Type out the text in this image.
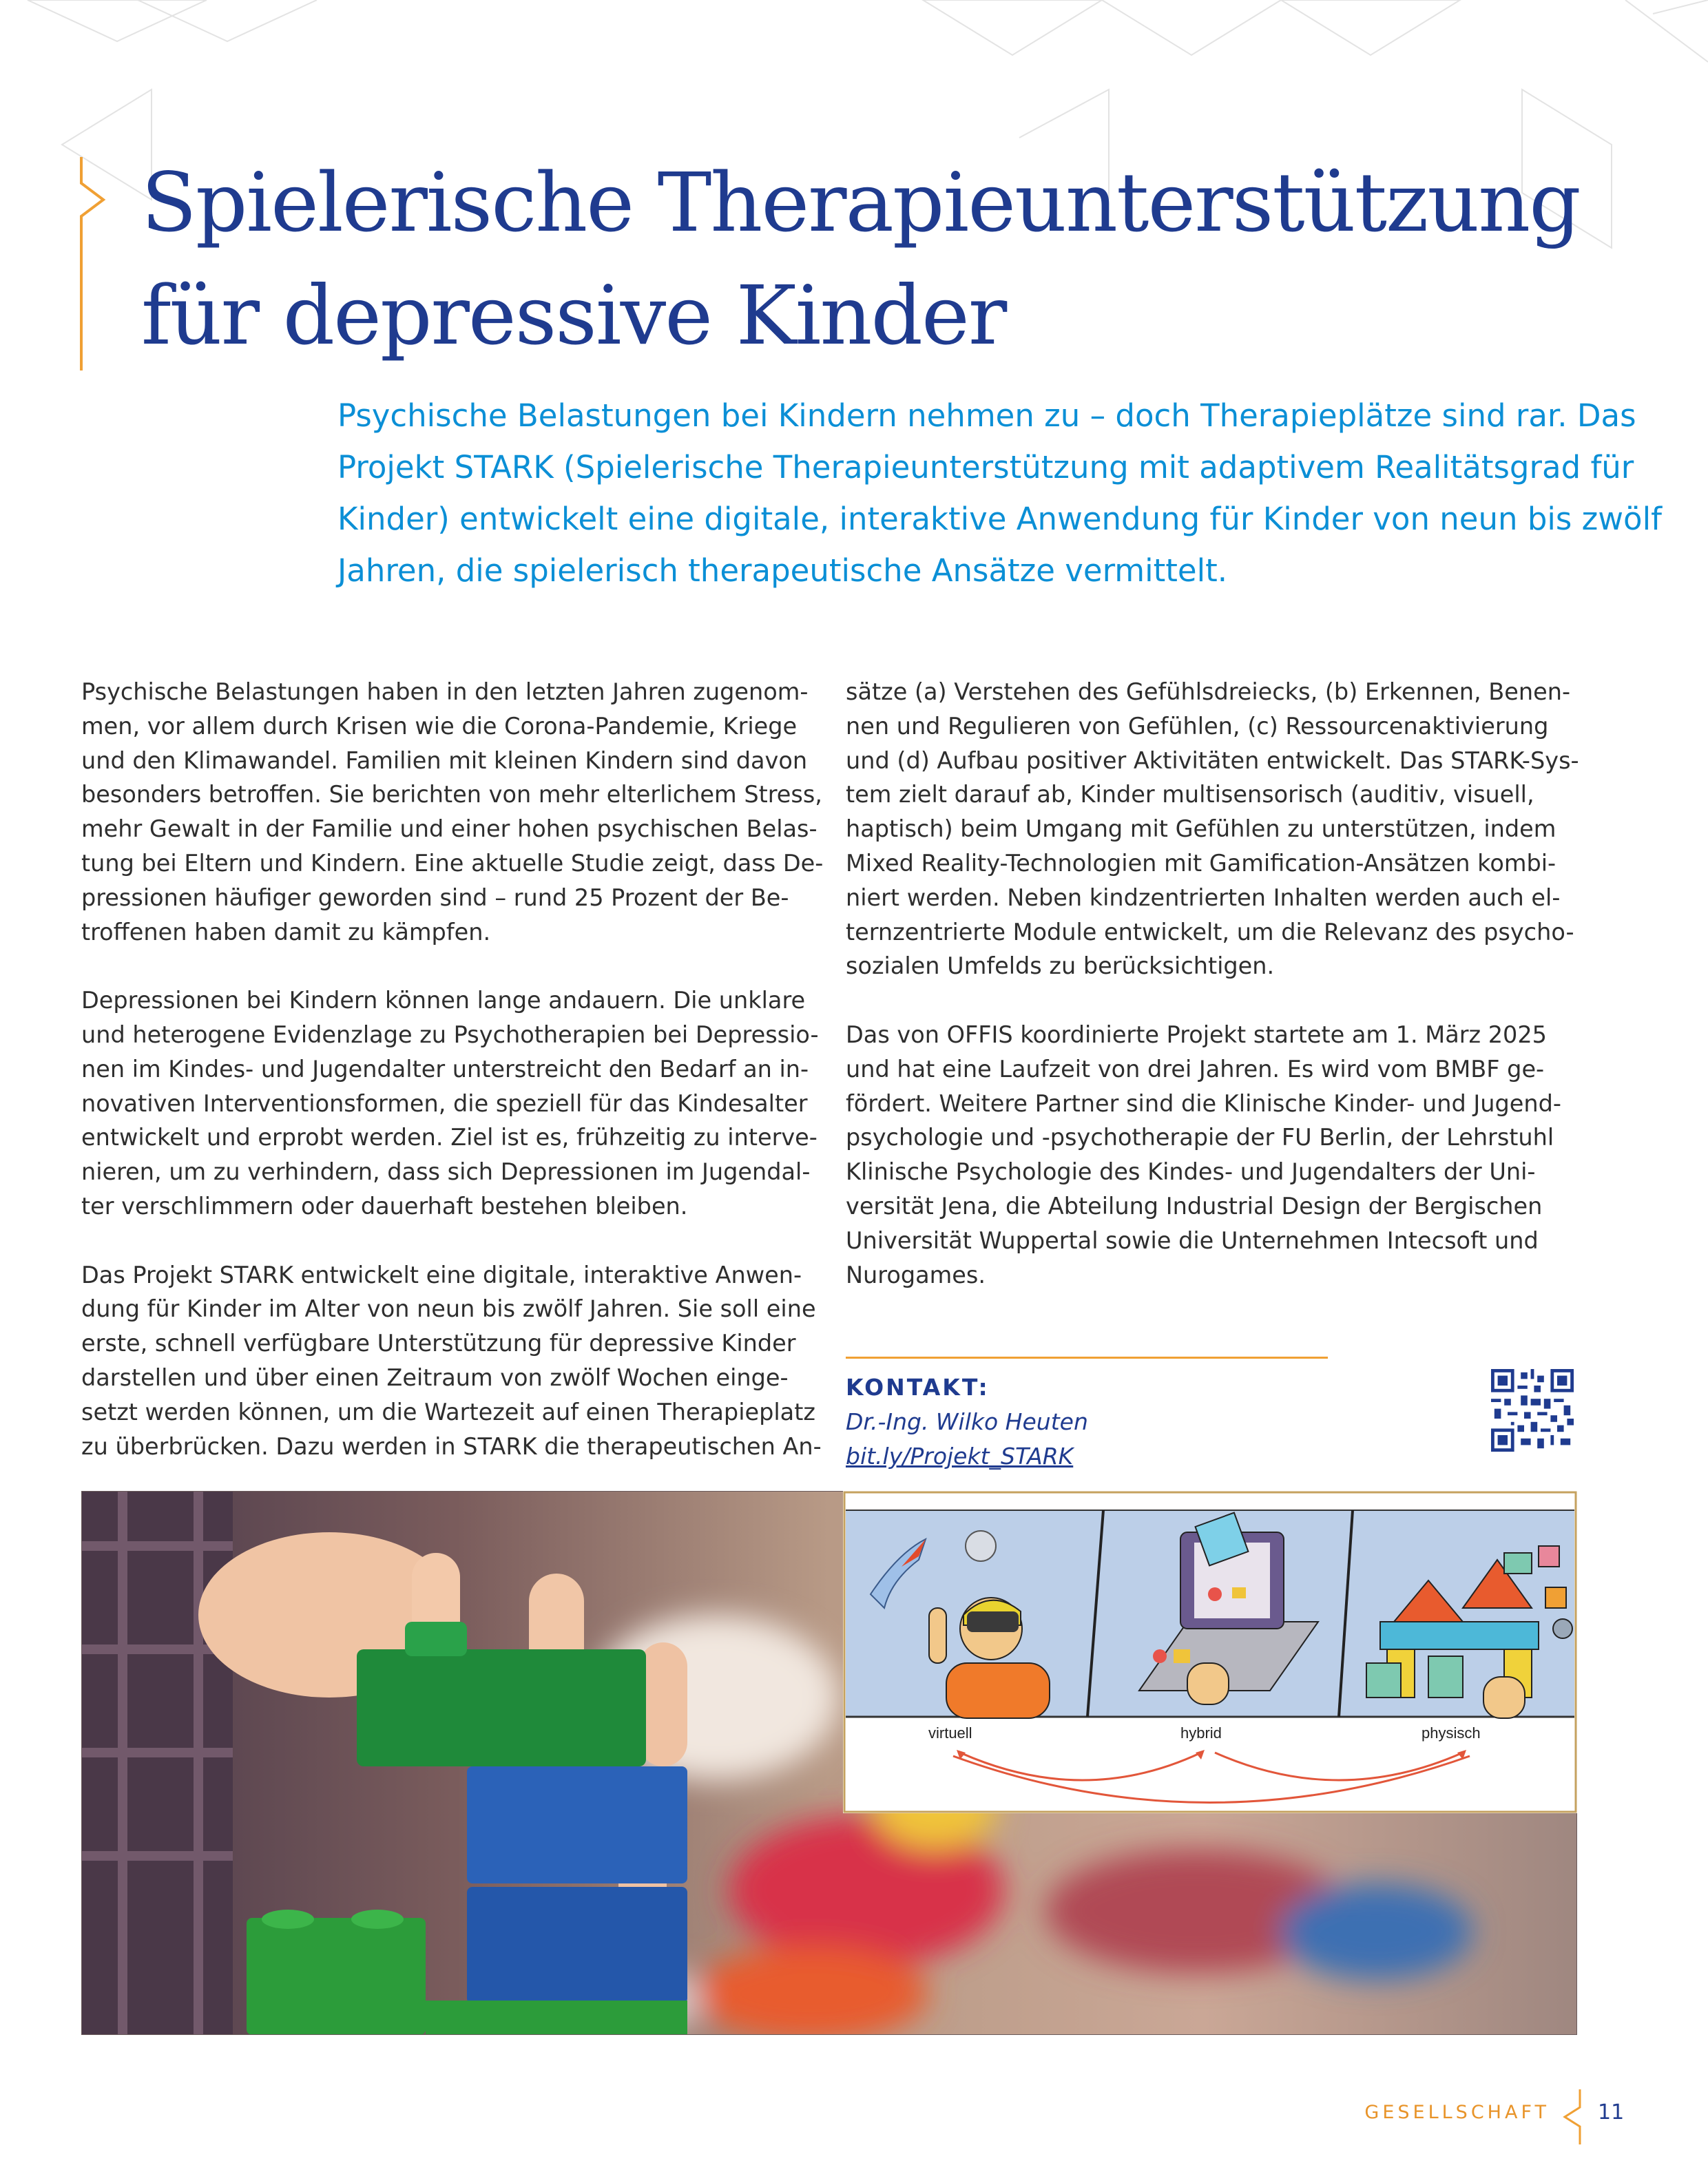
Spielerische Therapieunterstützung
für depressive Kinder
Psychische Belastungen bei Kindern nehmen zu – doch Therapieplätze sind rar. Das
Projekt STARK (Spielerische Therapieunterstützung mit adaptivem Realitätsgrad für
Kinder) entwickelt eine digitale, interaktive Anwendung für Kinder von neun bis zwölf
Jahren, die spielerisch therapeutische Ansätze vermittelt.

Psychische Belastungen haben in den letzten Jahren zugenom-
men, vor allem durch Krisen wie die Corona-Pandemie, Kriege
und den Klimawandel. Familien mit kleinen Kindern sind davon
besonders betroffen. Sie berichten von mehr elterlichem Stress,
mehr Gewalt in der Familie und einer hohen psychischen Belas-
tung bei Eltern und Kindern. Eine aktuelle Studie zeigt, dass De-
pressionen häufiger geworden sind – rund 25 Prozent der Be-
troffenen haben damit zu kämpfen.

Depressionen bei Kindern können lange andauern. Die unklare
und heterogene Evidenzlage zu Psychotherapien bei Depressio-
nen im Kindes- und Jugendalter unterstreicht den Bedarf an in-
novativen Interventionsformen, die speziell für das Kindesalter
entwickelt und erprobt werden. Ziel ist es, frühzeitig zu interve-
nieren, um zu verhindern, dass sich Depressionen im Jugendal-
ter verschlimmern oder dauerhaft bestehen bleiben.

Das Projekt STARK entwickelt eine digitale, interaktive Anwen-
dung für Kinder im Alter von neun bis zwölf Jahren. Sie soll eine
erste, schnell verfügbare Unterstützung für depressive Kinder
darstellen und über einen Zeitraum von zwölf Wochen einge-
setzt werden können, um die Wartezeit auf einen Therapieplatz
zu überbrücken. Dazu werden in STARK die therapeutischen An-

sätze (a) Verstehen des Gefühlsdreiecks, (b) Erkennen, Benen-
nen und Regulieren von Gefühlen, (c) Ressourcenaktivierung
und (d) Aufbau positiver Aktivitäten entwickelt. Das STARK-Sys-
tem zielt darauf ab, Kinder multisensorisch (auditiv, visuell,
haptisch) beim Umgang mit Gefühlen zu unterstützen, indem
Mixed Reality-Technologien mit Gamification-Ansätzen kombi-
niert werden. Neben kindzentrierten Inhalten werden auch el-
ternzentrierte Module entwickelt, um die Relevanz des psycho-
sozialen Umfelds zu berücksichtigen.

Das von OFFIS koordinierte Projekt startete am 1. März 2025
und hat eine Laufzeit von drei Jahren. Es wird vom BMBF ge-
fördert. Weitere Partner sind die Klinische Kinder- und Jugend-
psychologie und -psychotherapie der FU Berlin, der Lehrstuhl
Klinische Psychologie des Kindes- und Jugendalters der Uni-
versität Jena, die Abteilung Industrial Design der Bergischen
Universität Wuppertal sowie die Unternehmen Intecsoft und
Nurogames.

KONTAKT:

Dr.-Ing. Wilko Heuten

bit.ly/Projekt_STARK
virtuell	hybrid	physisch

GESELLSCHAFT 11
